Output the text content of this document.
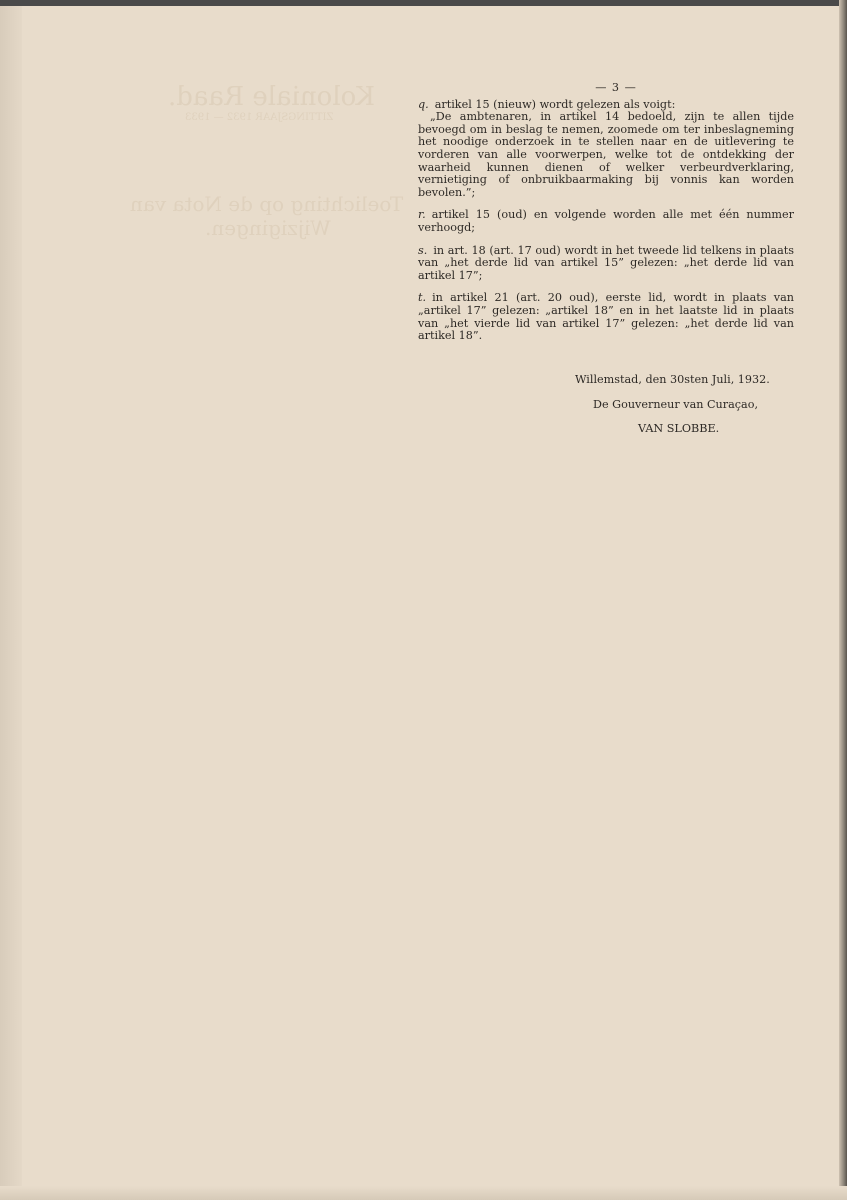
Koloniale Raad.
ZITTINGSJAAR 1932 — 1933
Toelichting op de Nota van
Wijzigingen.
— 3 —

q. artikel 15 (nieuw) wordt gelezen als voigt:

„De ambtenaren, in artikel 14 bedoeld, zijn te allen tijde bevoegd om in beslag te nemen, zoomede om ter inbeslagneming het noodige onderzoek in te stellen naar en de uitlevering te vorderen van alle voorwerpen, welke tot de ontdekking der waarheid kunnen dienen of welker verbeurdverklaring, vernietiging of onbruikbaarmaking bij vonnis kan worden bevolen.”;

r. artikel 15 (oud) en volgende worden alle met één nummer verhoogd;

s. in art. 18 (art. 17 oud) wordt in het tweede lid telkens in plaats van „het derde lid van artikel 15” gelezen: „het derde lid van artikel 17”;

t. in artikel 21 (art. 20 oud), eerste lid, wordt in plaats van „artikel 17” gelezen: „artikel 18” en in het laatste lid in plaats van „het vierde lid van artikel 17” gelezen: „het derde lid van artikel 18”.

Willemstad, den 30sten Juli, 1932.
De Gouverneur van Curaçao,
VAN SLOBBE.
